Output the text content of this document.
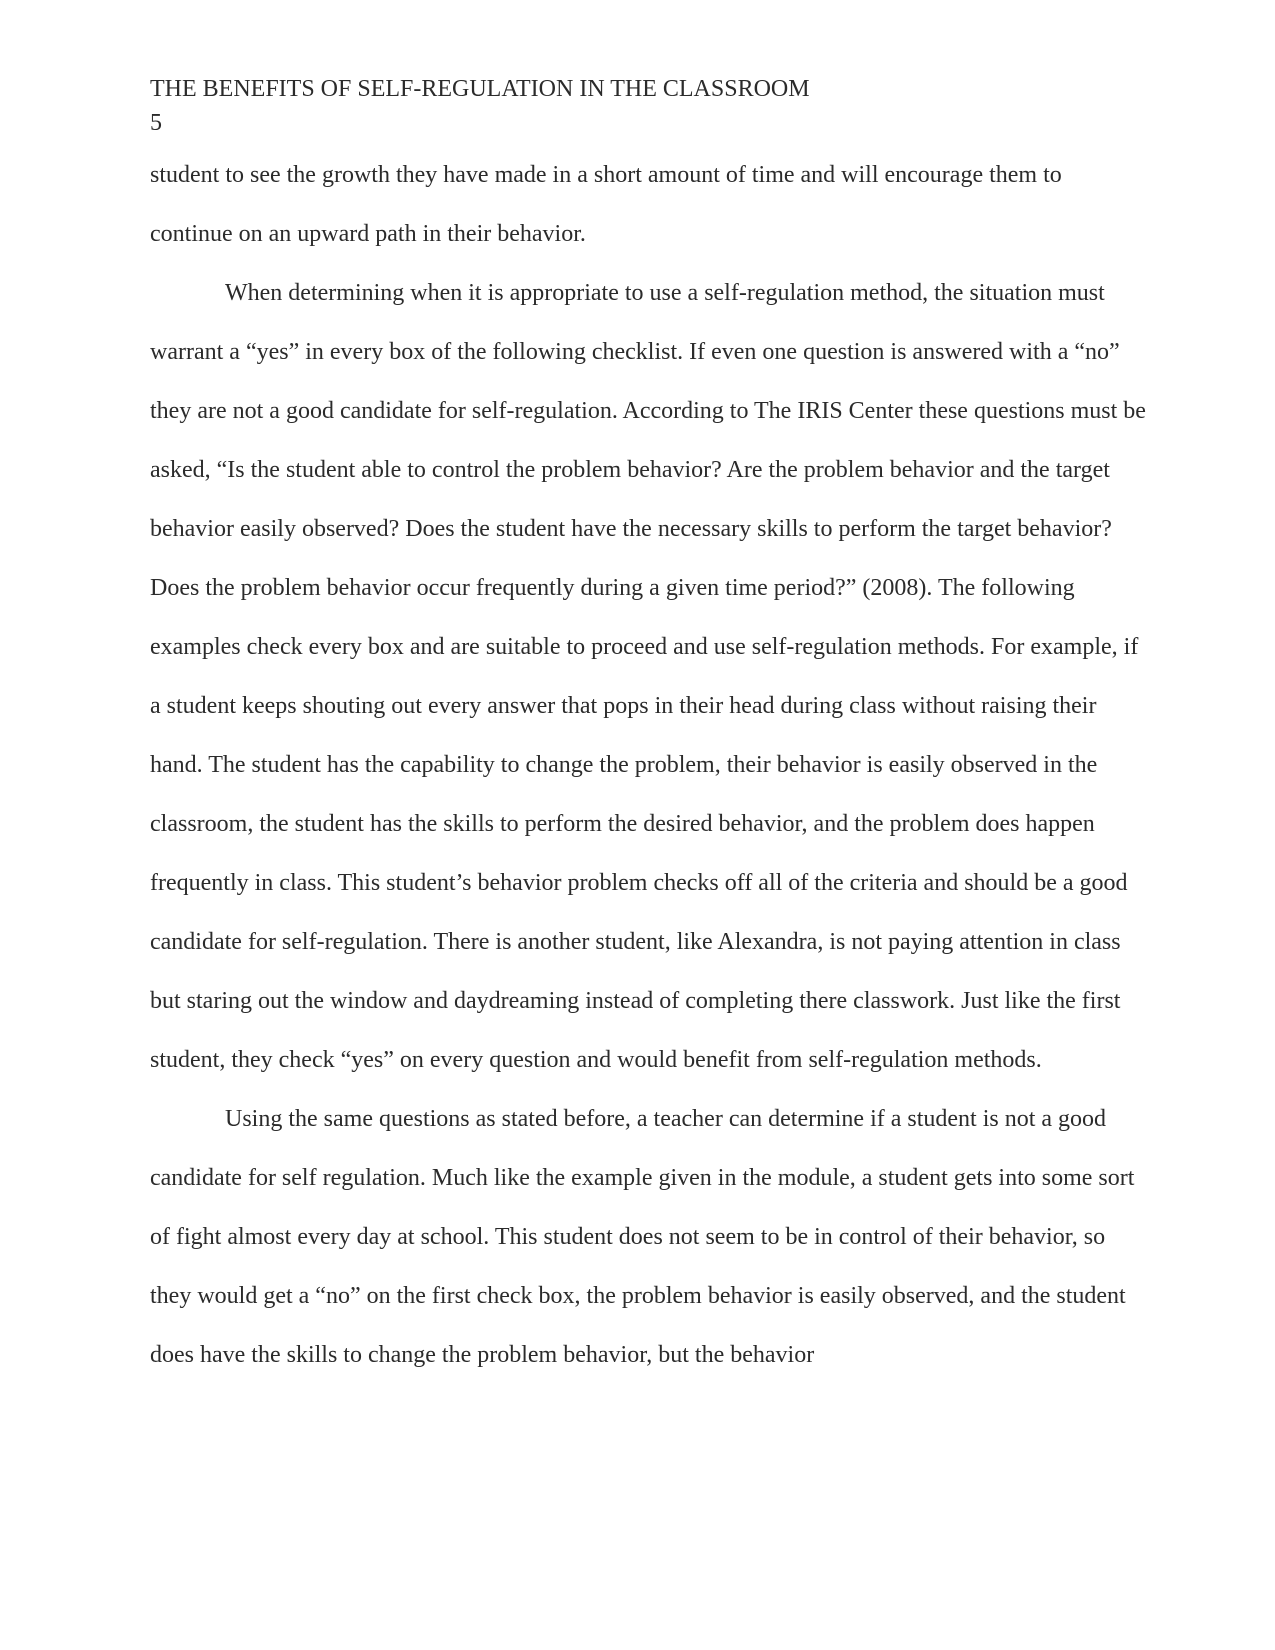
THE BENEFITS OF SELF-REGULATION IN THE CLASSROOM
5

student to see the growth they have made in a short amount of time and will encourage them to continue on an upward path in their behavior.

When determining when it is appropriate to use a self-regulation method, the situation must warrant a “yes” in every box of the following checklist. If even one question is answered with a “no” they are not a good candidate for self-regulation. According to The IRIS Center these questions must be asked, “Is the student able to control the problem behavior? Are the problem behavior and the target behavior easily observed? Does the student have the necessary skills to perform the target behavior? Does the problem behavior occur frequently during a given time period?” (2008). The following examples check every box and are suitable to proceed and use self-regulation methods. For example, if a student keeps shouting out every answer that pops in their head during class without raising their hand. The student has the capability to change the problem, their behavior is easily observed in the classroom, the student has the skills to perform the desired behavior, and the problem does happen frequently in class. This student’s behavior problem checks off all of the criteria and should be a good candidate for self-regulation. There is another student, like Alexandra, is not paying attention in class but staring out the window and daydreaming instead of completing there classwork. Just like the first student, they check “yes” on every question and would benefit from self-regulation methods.

Using the same questions as stated before, a teacher can determine if a student is not a good candidate for self regulation. Much like the example given in the module, a student gets into some sort of fight almost every day at school. This student does not seem to be in control of their behavior, so they would get a “no” on the first check box, the problem behavior is easily observed, and the student does have the skills to change the problem behavior, but the behavior
